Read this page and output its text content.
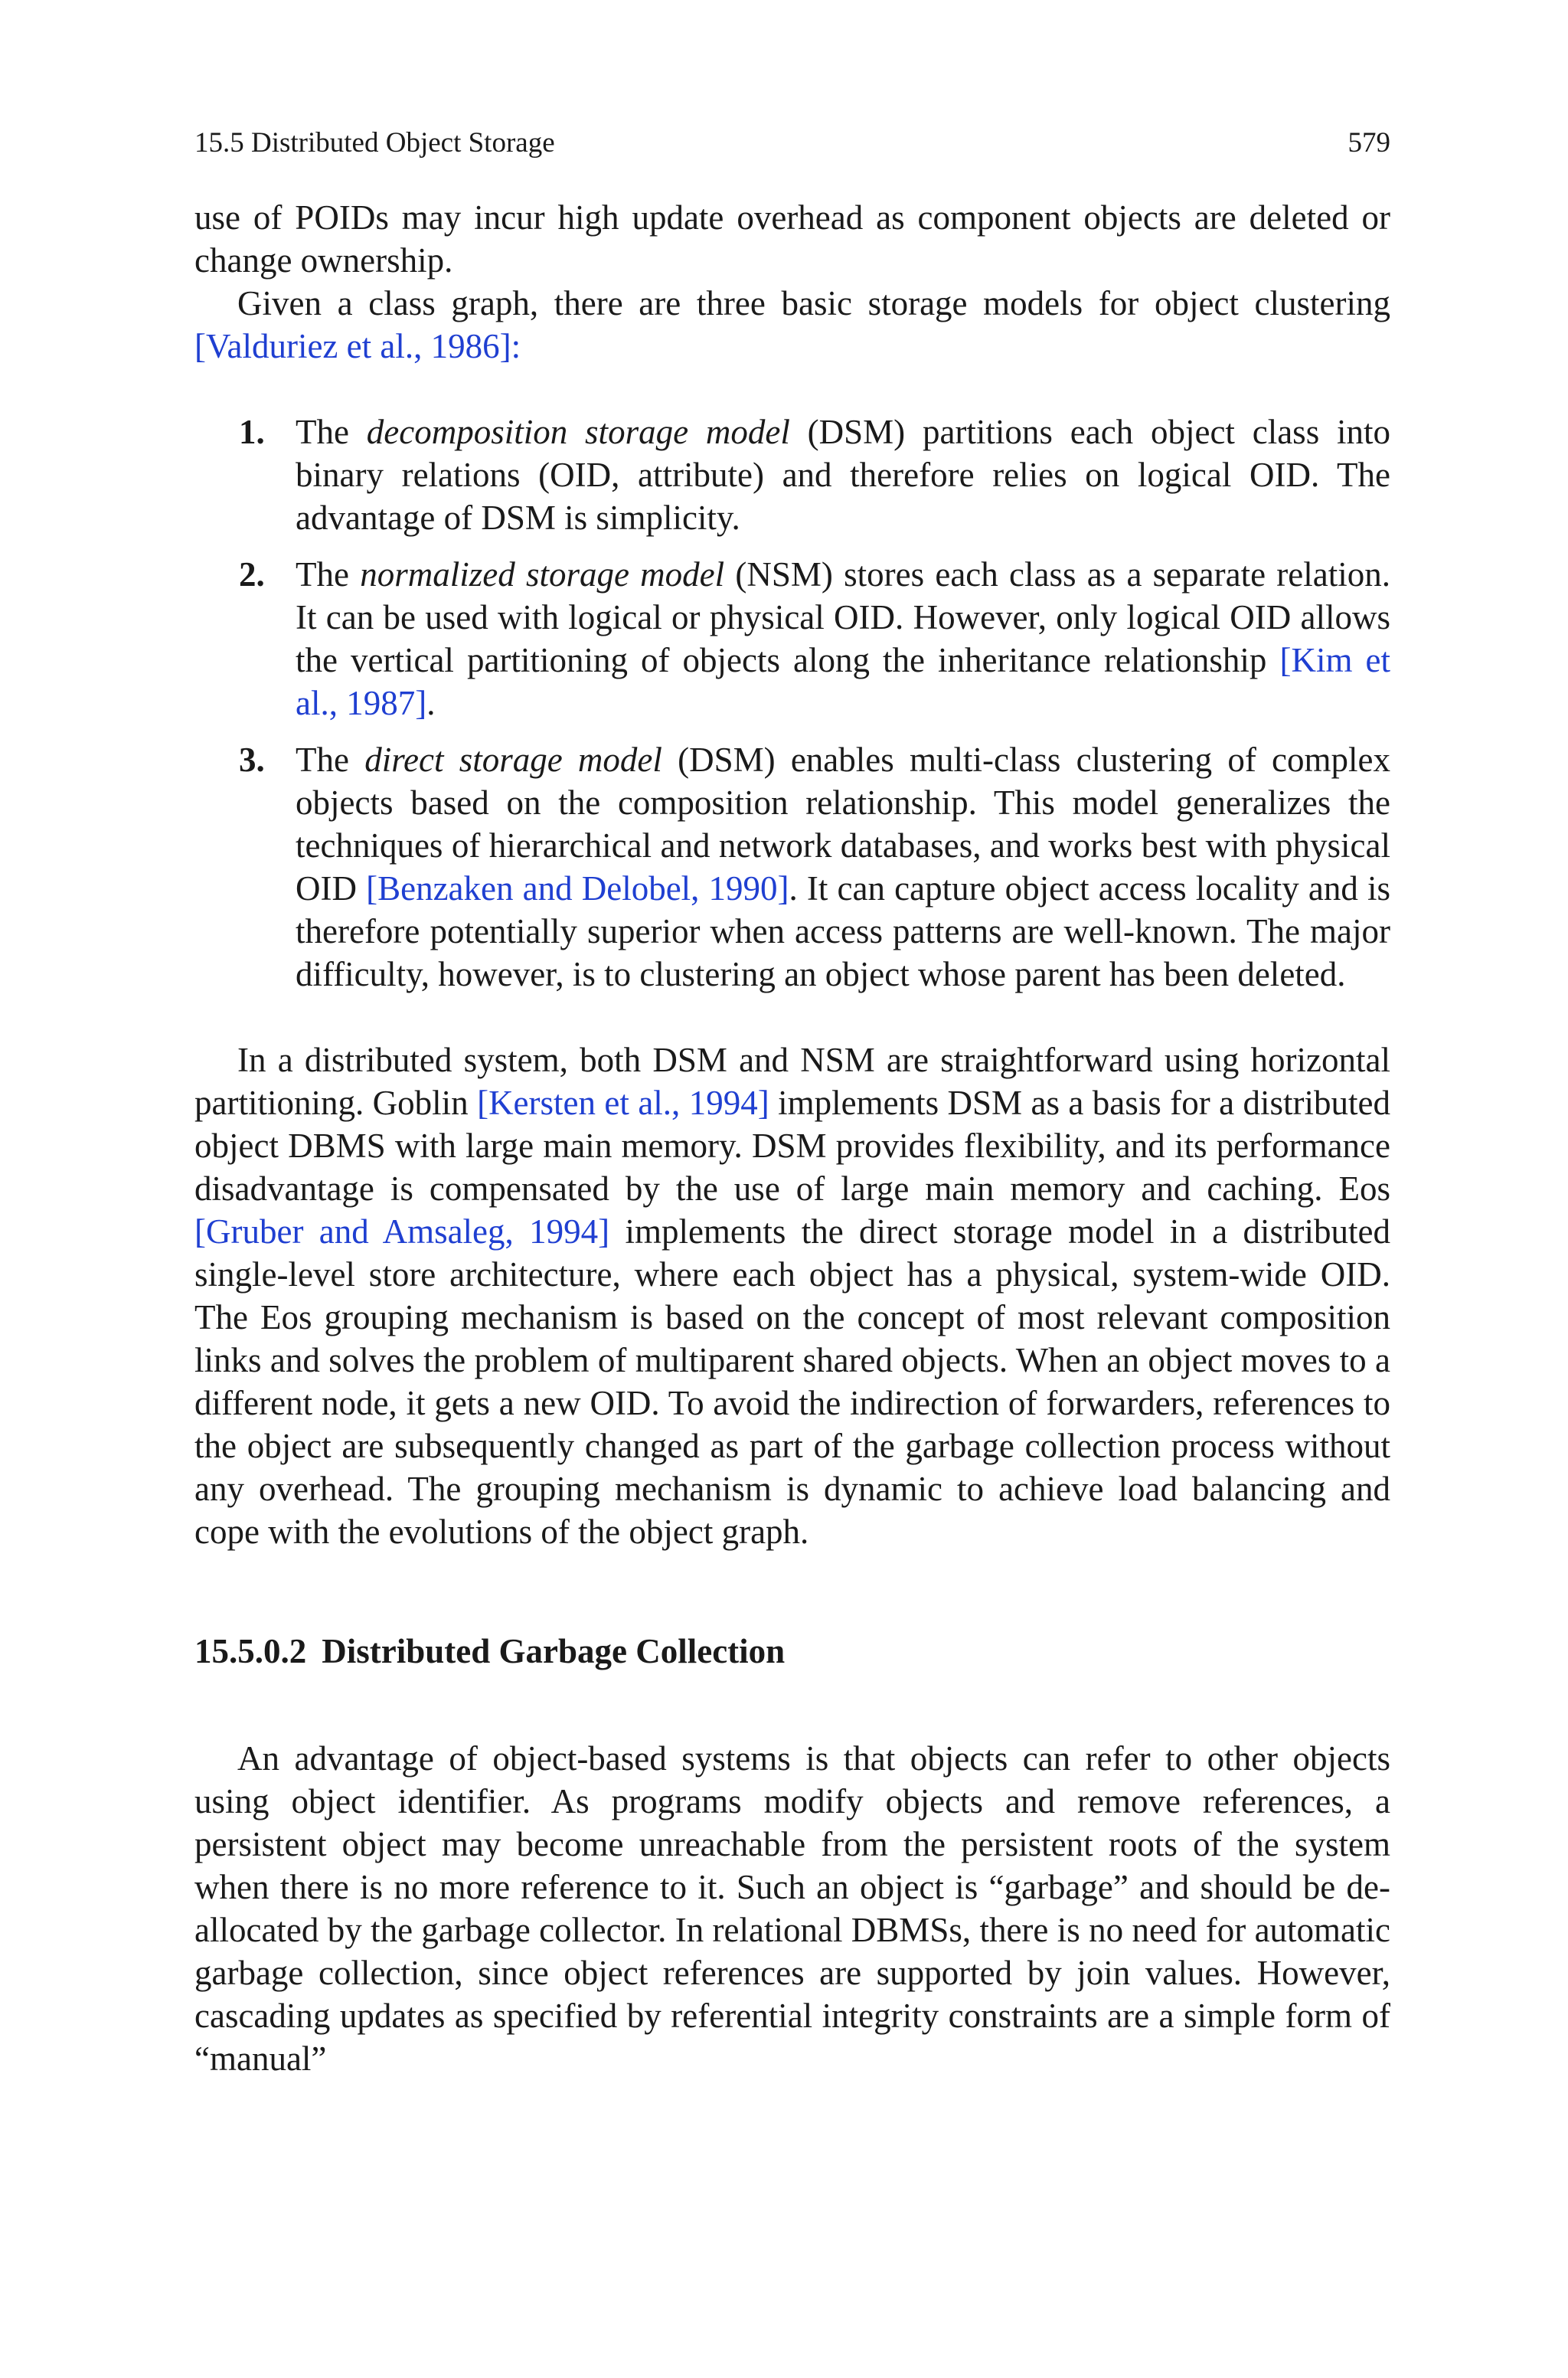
15.5 Distributed Object Storage	579

use of POIDs may incur high update overhead as component objects are deleted or change ownership.

Given a class graph, there are three basic storage models for object clustering [Valduriez et al., 1986]:

1. The decomposition storage model (DSM) partitions each object class into binary relations (OID, attribute) and therefore relies on logical OID. The advantage of DSM is simplicity.
2. The normalized storage model (NSM) stores each class as a separate relation. It can be used with logical or physical OID. However, only logical OID allows the vertical partitioning of objects along the inheritance relationship [Kim et al., 1987].
3. The direct storage model (DSM) enables multi-class clustering of complex objects based on the composition relationship. This model generalizes the techniques of hierarchical and network databases, and works best with physical OID [Benzaken and Delobel, 1990]. It can capture object access locality and is therefore potentially superior when access patterns are well-known. The major difficulty, however, is to clustering an object whose parent has been deleted.

In a distributed system, both DSM and NSM are straightforward using horizontal partitioning. Goblin [Kersten et al., 1994] implements DSM as a basis for a distributed object DBMS with large main memory. DSM provides flexibility, and its performance disadvantage is compensated by the use of large main memory and caching. Eos [Gruber and Amsaleg, 1994] implements the direct storage model in a distributed single-level store architecture, where each object has a physical, system-wide OID. The Eos grouping mechanism is based on the concept of most relevant composition links and solves the problem of multiparent shared objects. When an object moves to a different node, it gets a new OID. To avoid the indirection of forwarders, references to the object are subsequently changed as part of the garbage collection process without any overhead. The grouping mechanism is dynamic to achieve load balancing and cope with the evolutions of the object graph.

15.5.0.2 Distributed Garbage Collection

An advantage of object-based systems is that objects can refer to other objects using object identifier. As programs modify objects and remove references, a persistent object may become unreachable from the persistent roots of the system when there is no more reference to it. Such an object is “garbage” and should be de-allocated by the garbage collector. In relational DBMSs, there is no need for automatic garbage collection, since object references are supported by join values. However, cascading updates as specified by referential integrity constraints are a simple form of “manual”
